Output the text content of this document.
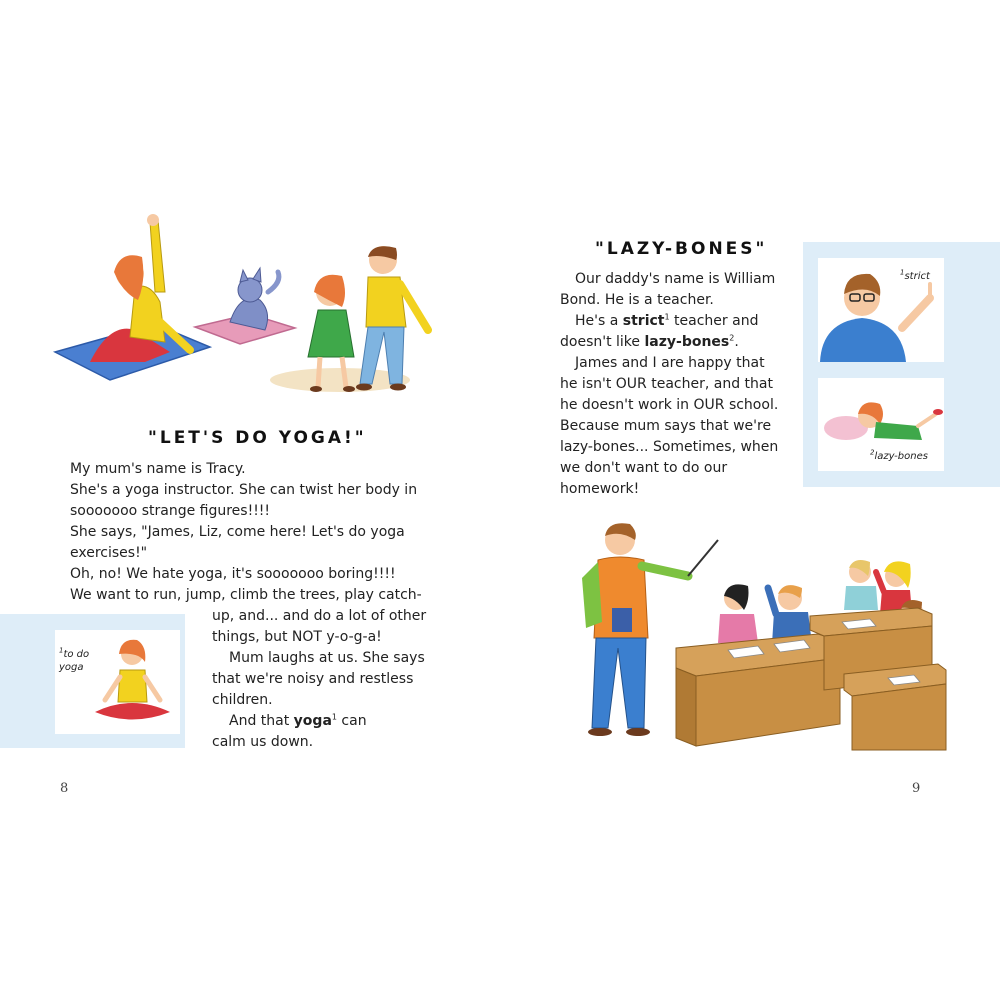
"LET'S DO YOGA!"
My mum's name is Tracy.
She's a yoga instructor. She can twist her body in sooooooo strange figures!!!!
She says, "James, Liz, come here! Let's do yoga exercises!"
Oh, no! We hate yoga, it's sooooooo boring!!!!
We want to run, jump, climb the trees, play catch-
up, and... and do a lot of other things, but NOT y-o-g-a!
Mum laughs at us. She says that we're noisy and restless children.
And that yoga$^1$ can calm us down.
$^1$to do yoga
8
"LAZY-BONES"
Our daddy's name is William Bond. He is a teacher.
He's a strict$^1$ teacher and doesn't like lazy-bones$^2$.
James and I are happy that he isn't OUR teacher, and that he doesn't work in OUR school. Because mum says that we're lazy-bones... Sometimes, when we don't want to do our homework!
$^1$strict
$^2$lazy-bones
9
